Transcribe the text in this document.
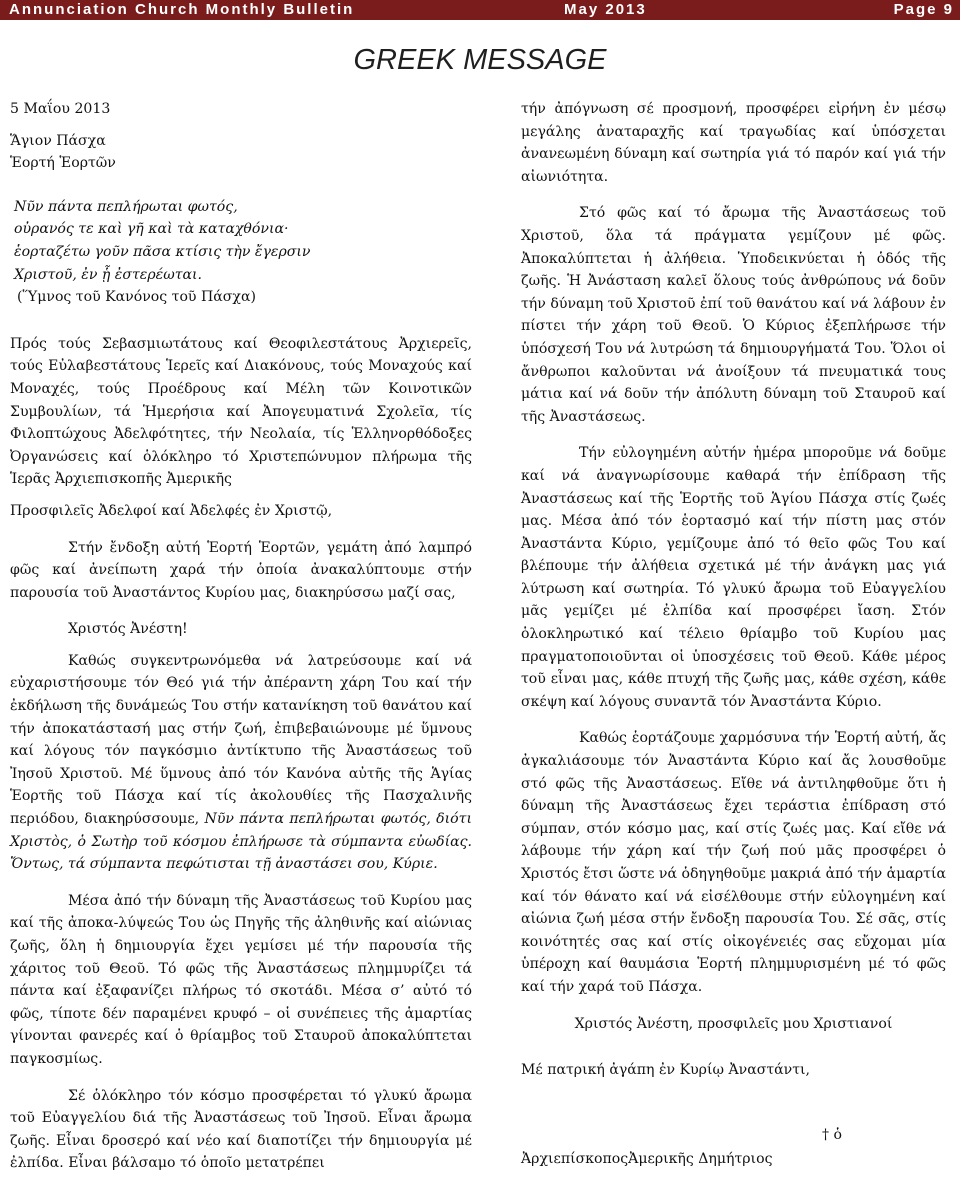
Annunciation Church Monthly Bulletin	May 2013	Page 9
GREEK MESSAGE

5 Μαΐου 2013

Ἅγιον Πάσχα

Ἑορτή Ἑορτῶν

Νῦν πάντα πεπλήρωται φωτός,

οὐρανός τε καὶ γῆ καὶ τὰ καταχθόνια·

ἑορταζέτω γοῦν πᾶσα κτίσις τὴν ἔγερσιν

Χριστοῦ, ἐν ᾗ ἐστερέωται.

(Ὕμνος τοῦ Κανόνος τοῦ Πάσχα)

Πρός τούς Σεβασμιωτάτους καί Θεοφιλεστάτους Ἀρχιερεῖς, τούς Εὐλαβεστάτους Ἱερεῖς καί Διακόνους, τούς Μοναχούς καί Μοναχές, τούς Προέδρους καί Μέλη τῶν Κοινοτικῶν Συμβουλίων, τά Ἡμερήσια καί Ἀπογευματινά Σχολεῖα, τίς Φιλοπτώχους Ἀδελφότητες, τήν Νεολαία, τίς Ἑλληνορθόδοξες Ὀργανώσεις καί ὁλόκληρο τό Χριστεπώνυμον πλήρωμα τῆς Ἱερᾶς Ἀρχιεπισκοπῆς Ἀμερικῆς

Προσφιλεῖς Ἀδελφοί καί Ἀδελφές ἐν Χριστῷ,

Στήν ἔνδοξη αὐτή Ἑορτή Ἑορτῶν, γεμάτη ἀπό λαμπρό φῶς καί ἀνείπωτη χαρά τήν ὁποία ἀνακαλύπτουμε στήν παρουσία τοῦ Ἀναστάντος Κυρίου μας, διακηρύσσω μαζί σας,

Χριστός Ἀνέστη!

Καθώς συγκεντρωνόμεθα νά λατρεύσουμε καί νά εὐχαριστήσουμε τόν Θεό γιά τήν ἀπέραντη χάρη Του καί τήν ἐκδήλωση τῆς δυνάμεώς Του στήν κατανίκηση τοῦ θανάτου καί τήν ἀποκατάστασή μας στήν ζωή, ἐπιβεβαιώνουμε μέ ὕμνους καί λόγους τόν παγκόσμιο ἀντίκτυπο τῆς Ἀναστάσεως τοῦ Ἰησοῦ Χριστοῦ. Μέ ὕμνους ἀπό τόν Κανόνα αὐτῆς τῆς Ἁγίας Ἑορτῆς τοῦ Πάσχα καί τίς ἀκολουθίες τῆς Πασχαλινῆς περιόδου, διακηρύσσουμε, Νῦν πάντα πεπλήρωται φωτός, διότι Χριστὸς, ὁ Σωτὴρ τοῦ κόσμου ἐπλήρωσε τὰ σύμπαντα εὐωδίας. Ὄντως, τά σύμπαντα πεφώτισται τῇ ἀναστάσει σου, Κύριε.

Μέσα ἀπό τήν δύναμη τῆς Ἀναστάσεως τοῦ Κυρίου μας καί τῆς ἀποκα-λύψεώς Του ὡς Πηγῆς τῆς ἀληθινῆς καί αἰώνιας ζωῆς, ὅλη ἡ δημιουργία ἔχει γεμίσει μέ τήν παρουσία τῆς χάριτος τοῦ Θεοῦ. Τό φῶς τῆς Ἀναστάσεως πλημμυρίζει τά πάντα καί ἐξαφανίζει πλήρως τό σκοτάδι. Μέσα σ’ αὐτό τό φῶς, τίποτε δέν παραμένει κρυφό – οἱ συνέπειες τῆς ἁμαρτίας γίνονται φανερές καί ὁ θρίαμβος τοῦ Σταυροῦ ἀποκαλύπτεται παγκοσμίως.

Σέ ὁλόκληρο τόν κόσμο προσφέρεται τό γλυκύ ἄρωμα τοῦ Εὐαγγελίου διά τῆς Ἀναστάσεως τοῦ Ἰησοῦ. Εἶναι ἄρωμα ζωῆς. Εἶναι δροσερό καί νέο καί διαποτίζει τήν δημιουργία μέ ἐλπίδα. Εἶναι βάλσαμο τό ὁποῖο μετατρέπει

τήν ἀπόγνωση σέ προσμονή, προσφέρει εἰρήνη ἐν μέσῳ μεγάλης ἀναταραχῆς καί τραγωδίας καί ὑπόσχεται ἀνανεωμένη δύναμη καί σωτηρία γιά τό παρόν καί γιά τήν αἰωνιότητα.

Στό φῶς καί τό ἄρωμα τῆς Ἀναστάσεως τοῦ Χριστοῦ, ὅλα τά πράγματα γεμίζουν μέ φῶς. Ἀποκαλύπτεται ἡ ἀλήθεια. Ὑποδεικνύεται ἡ ὁδός τῆς ζωῆς. Ἡ Ἀνάσταση καλεῖ ὅλους τούς ἀνθρώπους νά δοῦν τήν δύναμη τοῦ Χριστοῦ ἐπί τοῦ θανάτου καί νά λάβουν ἐν πίστει τήν χάρη τοῦ Θεοῦ. Ὁ Κύριος ἐξεπλήρωσε τήν ὑπόσχεσή Του νά λυτρώση τά δημιουργήματά Του. Ὅλοι οἱ ἄνθρωποι καλοῦνται νά ἀνοίξουν τά πνευματικά τους μάτια καί νά δοῦν τήν ἀπόλυτη δύναμη τοῦ Σταυροῦ καί τῆς Ἀναστάσεως.

Τήν εὐλογημένη αὐτήν ἡμέρα μποροῦμε νά δοῦμε καί νά ἀναγνωρίσουμε καθαρά τήν ἐπίδραση τῆς Ἀναστάσεως καί τῆς Ἑορτῆς τοῦ Ἁγίου Πάσχα στίς ζωές μας. Μέσα ἀπό τόν ἑορτασμό καί τήν πίστη μας στόν Ἀναστάντα Κύριο, γεμίζουμε ἀπό τό θεῖο φῶς Του καί βλέπουμε τήν ἀλήθεια σχετικά μέ τήν ἀνάγκη μας γιά λύτρωση καί σωτηρία. Τό γλυκύ ἄρωμα τοῦ Εὐαγγελίου μᾶς γεμίζει μέ ἐλπίδα καί προσφέρει ἴαση. Στόν ὁλοκληρωτικό καί τέλειο θρίαμβο τοῦ Κυρίου μας πραγματοποιοῦνται οἱ ὑποσχέσεις τοῦ Θεοῦ. Κάθε μέρος τοῦ εἶναι μας, κάθε πτυχή τῆς ζωῆς μας, κάθε σχέση, κάθε σκέψη καί λόγους συναντᾶ τόν Ἀναστάντα Κύριο.

Καθώς ἑορτάζουμε χαρμόσυνα τήν Ἑορτή αὐτή, ἄς ἀγκαλιάσουμε τόν Ἀναστάντα Κύριο καί ἄς λουσθοῦμε στό φῶς τῆς Ἀναστάσεως. Εἴθε νά ἀντιληφθοῦμε ὅτι ἡ δύναμη τῆς Ἀναστάσεως ἔχει τεράστια ἐπίδραση στό σύμπαν, στόν κόσμο μας, καί στίς ζωές μας. Καί εἴθε νά λάβουμε τήν χάρη καί τήν ζωή πού μᾶς προσφέρει ὁ Χριστός ἔτσι ὥστε νά ὁδηγηθοῦμε μακριά ἀπό τήν ἁμαρτία καί τόν θάνατο καί νά εἰσέλθουμε στήν εὐλογημένη καί αἰώνια ζωή μέσα στήν ἔνδοξη παρουσία Του. Σέ σᾶς, στίς κοινότητές σας καί στίς οἰκογένειές σας εὔχομαι μία ὑπέροχη καί θαυμάσια Ἑορτή πλημμυρισμένη μέ τό φῶς καί τήν χαρά τοῦ Πάσχα.

Χριστός Ἀνέστη, προσφιλεῖς μου Χριστιανοί

Μέ πατρική ἀγάπη ἐν Κυρίῳ Ἀναστάντι,

† ὁ

ἈρχιεπίσκοποςἈμερικῆς Δημήτριος
